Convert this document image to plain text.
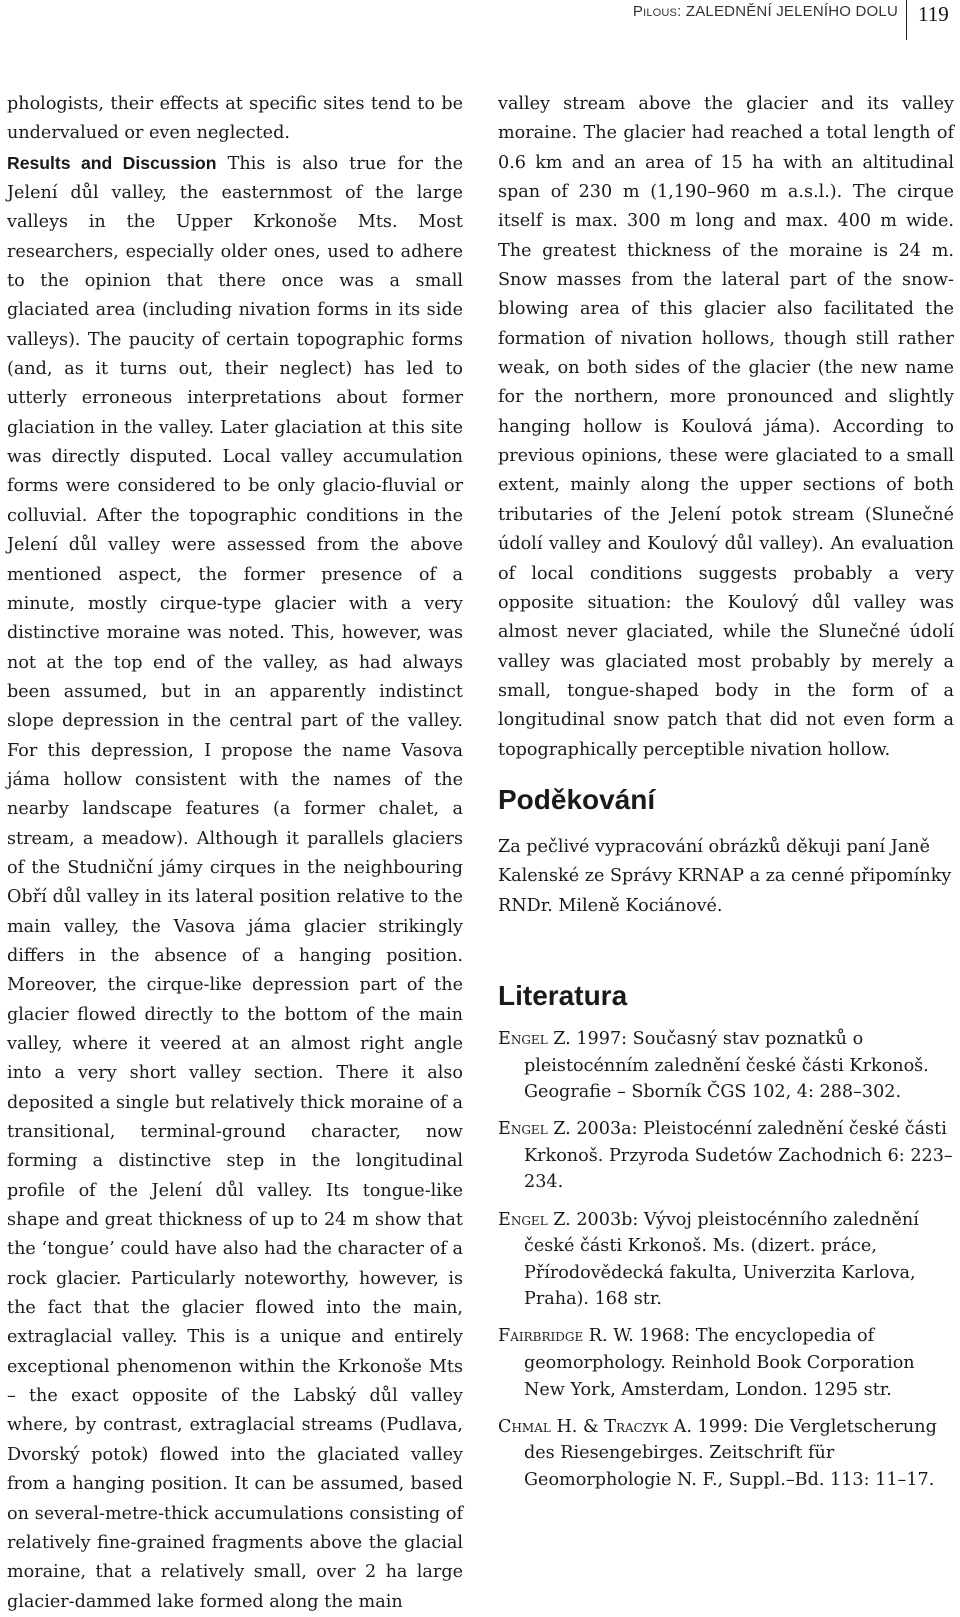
Pilous: ZALEDNĚNÍ JELENÍHO DOLU 119

phologists, their effects at specific sites tend to be undervalued or even neglected.

Results and Discussion This is also true for the Jelení důl valley, the easternmost of the large valleys in the Upper Krkonoše Mts. Most researchers, especially older ones, used to adhere to the opinion that there once was a small glaciated area (including nivation forms in its side valleys). The paucity of certain topographic forms (and, as it turns out, their neglect) has led to utterly erroneous interpretations about former glaciation in the valley. Later glaciation at this site was directly disputed. Local valley accumulation forms were considered to be only glacio-fluvial or colluvial. After the topographic conditions in the Jelení důl valley were assessed from the above mentioned aspect, the former presence of a minute, mostly cirque-type glacier with a very distinctive moraine was noted. This, however, was not at the top end of the valley, as had always been assumed, but in an apparently indistinct slope depression in the central part of the valley. For this depression, I propose the name Vasova jáma hollow consistent with the names of the nearby landscape features (a former chalet, a stream, a meadow). Although it parallels glaciers of the Studniční jámy cirques in the neighbouring Obří důl valley in its lateral position relative to the main valley, the Vasova jáma glacier strikingly differs in the absence of a hanging position. Moreover, the cirque-like depression part of the glacier flowed directly to the bottom of the main valley, where it veered at an almost right angle into a very short valley section. There it also deposited a single but relatively thick moraine of a transitional, terminal-ground character, now forming a distinctive step in the longitudinal profile of the Jelení důl valley. Its tongue-like shape and great thickness of up to 24 m show that the ‘tongue’ could have also had the character of a rock glacier. Particularly noteworthy, however, is the fact that the glacier flowed into the main, extraglacial valley. This is a unique and entirely exceptional phenomenon within the Krkonoše Mts – the exact opposite of the Labský důl valley where, by contrast, extraglacial streams (Pudlava, Dvorský potok) flowed into the glaciated valley from a hanging position. It can be assumed, based on several-metre-thick accumulations consisting of relatively fine-grained fragments above the glacial moraine, that a relatively small, over 2 ha large glacier-dammed lake formed along the main

valley stream above the glacier and its valley moraine. The glacier had reached a total length of 0.6 km and an area of 15 ha with an altitudinal span of 230 m (1,190–960 m a.s.l.). The cirque itself is max. 300 m long and max. 400 m wide. The greatest thickness of the moraine is 24 m. Snow masses from the lateral part of the snow-blowing area of this glacier also facilitated the formation of nivation hollows, though still rather weak, on both sides of the glacier (the new name for the northern, more pronounced and slightly hanging hollow is Koulová jáma). According to previous opinions, these were glaciated to a small extent, mainly along the upper sections of both tributaries of the Jelení potok stream (Slunečné údolí valley and Koulový důl valley). An evaluation of local conditions suggests probably a very opposite situation: the Koulový důl valley was almost never glaciated, while the Slunečné údolí valley was glaciated most probably by merely a small, tongue-shaped body in the form of a longitudinal snow patch that did not even form a topographically perceptible nivation hollow.

Poděkování

Za pečlivé vypracování obrázků děkuji paní Janě Kalenské ze Správy KRNAP a za cenné připomínky RNDr. Mileně Kociánové.

Literatura

Engel Z. 1997: Současný stav poznatků o pleistocénním zalednění české části Krkonoš. Geografie – Sborník ČGS 102, 4: 288–302.

Engel Z. 2003a: Pleistocénní zalednění české části Krkonoš. Przyroda Sudetów Zachodnich 6: 223–234.

Engel Z. 2003b: Vývoj pleistocénního zalednění české části Krkonoš. Ms. (dizert. práce, Přírodovědecká fakulta, Univerzita Karlova, Praha). 168 str.

Fairbridge R. W. 1968: The encyclopedia of geomorphology. Reinhold Book Corporation New York, Amsterdam, London. 1295 str.

Chmal H. & Traczyk A. 1999: Die Vergletscherung des Riesengebirges. Zeitschrift für Geomorphologie N. F., Suppl.–Bd. 113: 11–17.
